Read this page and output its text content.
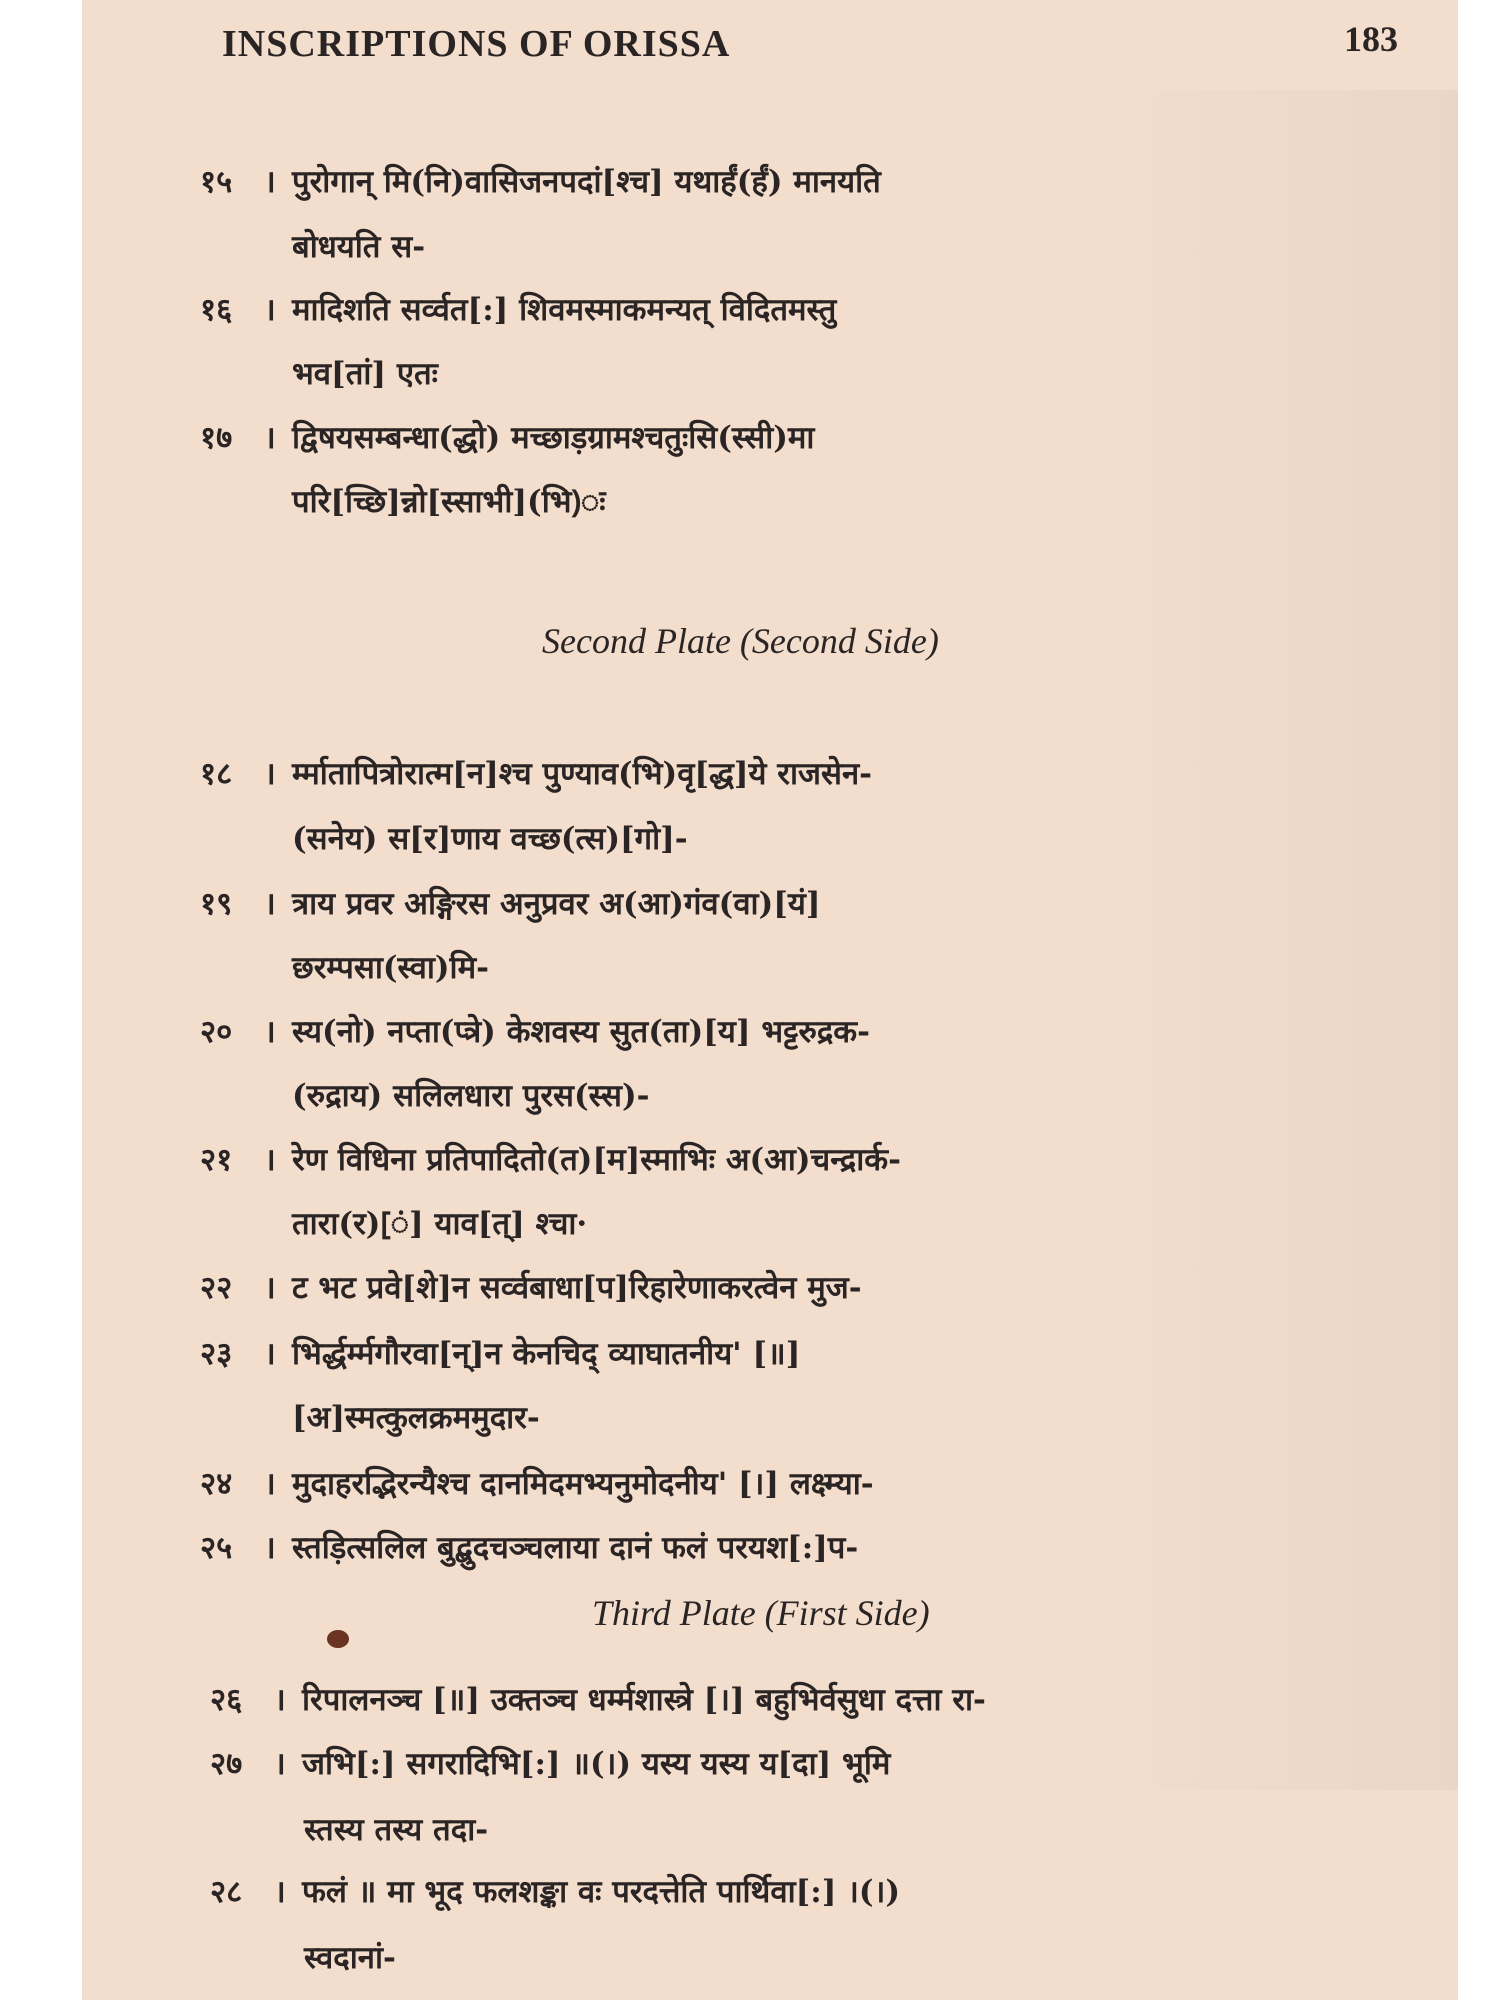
INSCRIPTIONS OF ORISSA	183
१५ । पुरोगान् मि(नि)वासिजनपदां[श्च] यथार्हं(र्हं) मानयति
बोधयति स-
१६ । मादिशति सर्व्वत[:] शिवमस्माकमन्यत् विदितमस्तु
भव[तां] एतः
१७ । द्विषयसम्बन्धा(द्धो) मच्छाड़ग्रामश्चतुःसि(स्सी)मा
परि[च्छि]न्नो[स्साभी](भि)ः
Second Plate (Second Side)
१८ । र्म्मातापित्रोरात्म[न]श्च पुण्याव(भि)वृ[द्ध]ये राजसेन-
(सनेय) स[र]णाय वच्छ(त्स)[गो]-
१९ । त्राय प्रवर अङ्गिरस अनुप्रवर अ(आ)गंव(वा)[यं]
छरम्पसा(स्वा)मि-
२० । स्य(नो) नप्ता(प्त्रे) केशवस्य सुत(ता)[य] भट्टरुद्रक-
(रुद्राय) सलिलधारा पुरस(स्स)-
२१ । रेण विधिना प्रतिपादितो(त)[म]स्माभिः अ(आ)चन्द्रार्क-
तारा(र)[ं] याव[त्] श्चा·
२२ । ट भट प्रवे[शे]न सर्व्वबाधा[प]रिहारेणाकरत्वेन मुज-
२३ । भिर्द्धर्म्मगौरवा[न्]न केनचिद् व्याघातनीय' [॥]
[अ]स्मत्कुलक्रममुदार-
२४ । मुदाहरद्भिरन्यैश्च दानमिदमभ्यनुमोदनीय' [।] लक्ष्म्या-
२५ । स्तड़ित्सलिल बुद्बुदचञ्चलाया दानं फलं परयश[:]प-
Third Plate (First Side)
२६ । रिपालनञ्च [॥] उक्तञ्च धर्म्मशास्त्रे [।] बहुभिर्वसुधा दत्ता रा-
२७ । जभि[:] सगरादिभि[:] ॥(।) यस्य यस्य य[दा] भूमि
स्तस्य तस्य तदा-
२८ । फलं ॥ मा भूद फलशङ्का वः परदत्तेति पार्थिवा[:] ।(।)
स्वदानां-
